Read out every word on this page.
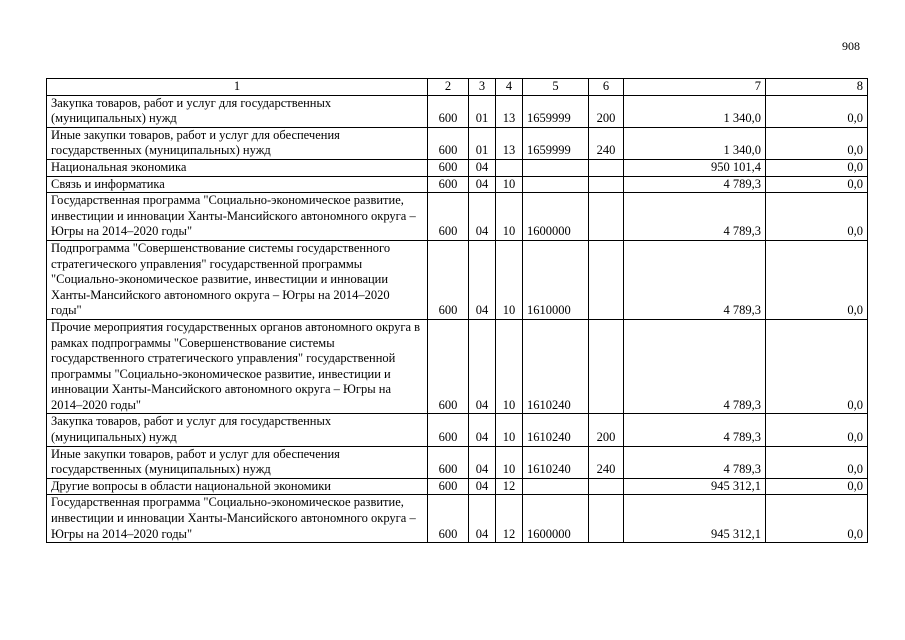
908
1	2	3	4	5	6	7	8
Закупка товаров, работ и услуг для государственных (муниципальных) нужд	600	01	13	1659999	200	1 340,0	0,0
Иные закупки товаров, работ и услуг для обеспечения государственных (муниципальных) нужд	600	01	13	1659999	240	1 340,0	0,0
Национальная экономика	600	04				950 101,4	0,0
Связь и информатика	600	04	10			4 789,3	0,0
Государственная программа "Социально-экономическое развитие, инвестиции и инновации Ханты-Мансийского автономного округа – Югры на 2014–2020 годы"	600	04	10	1600000		4 789,3	0,0
Подпрограмма "Совершенствование системы государственного стратегического управления" государственной программы "Социально-экономическое развитие, инвестиции и инновации Ханты-Мансийского автономного округа – Югры на 2014–2020 годы"	600	04	10	1610000		4 789,3	0,0
Прочие мероприятия государственных органов автономного округа в рамках подпрограммы "Совершенствование системы государственного стратегического управления" государственной программы "Социально-экономическое развитие, инвестиции и инновации Ханты-Мансийского автономного округа – Югры на 2014–2020 годы"	600	04	10	1610240		4 789,3	0,0
Закупка товаров, работ и услуг для государственных (муниципальных) нужд	600	04	10	1610240	200	4 789,3	0,0
Иные закупки товаров, работ и услуг для обеспечения государственных (муниципальных) нужд	600	04	10	1610240	240	4 789,3	0,0
Другие вопросы в области национальной экономики	600	04	12			945 312,1	0,0
Государственная программа "Социально-экономическое развитие, инвестиции и инновации Ханты-Мансийского автономного округа – Югры на 2014–2020 годы"	600	04	12	1600000		945 312,1	0,0
